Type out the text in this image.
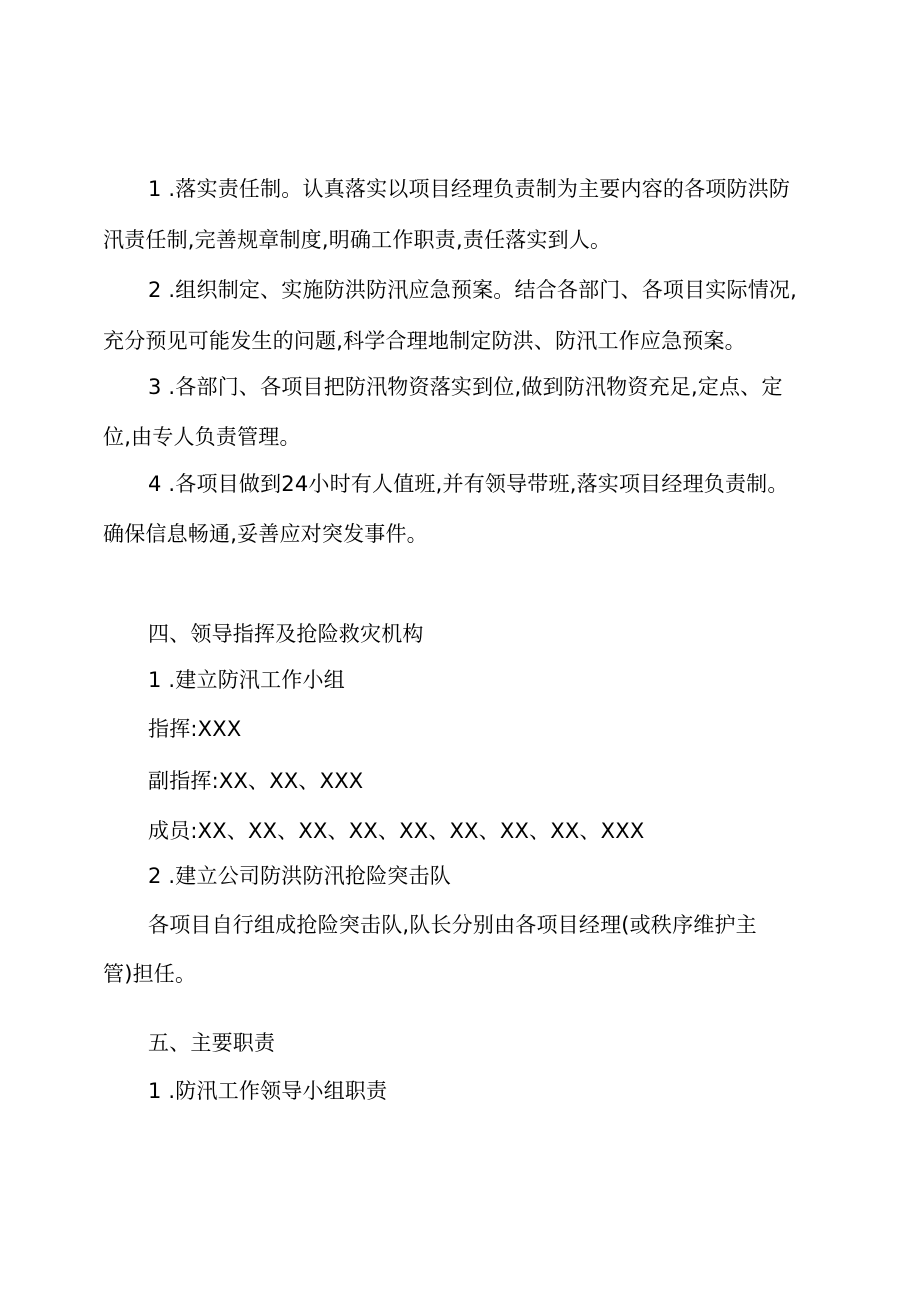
1 .落实责任制。认真落实以项目经理负责制为主要内容的各项防洪防
汛责任制,完善规章制度,明确工作职责,责任落实到人。
2 .组织制定、实施防洪防汛应急预案。结合各部门、各项目实际情况,
充分预见可能发生的问题,科学合理地制定防洪、防汛工作应急预案。
3 .各部门、各项目把防汛物资落实到位,做到防汛物资充足,定点、定
位,由专人负责管理。
4 .各项目做到24小时有人值班,并有领导带班,落实项目经理负责制。
确保信息畅通,妥善应对突发事件。
四、领导指挥及抢险救灾机构
1 .建立防汛工作小组
指挥:XXX
副指挥:XX、XX、XXX
成员:XX、XX、XX、XX、XX、XX、XX、XX、XXX
2 .建立公司防洪防汛抢险突击队
各项目自行组成抢险突击队,队长分别由各项目经理(或秩序维护主
管)担任。
五、主要职责
1 .防汛工作领导小组职责
